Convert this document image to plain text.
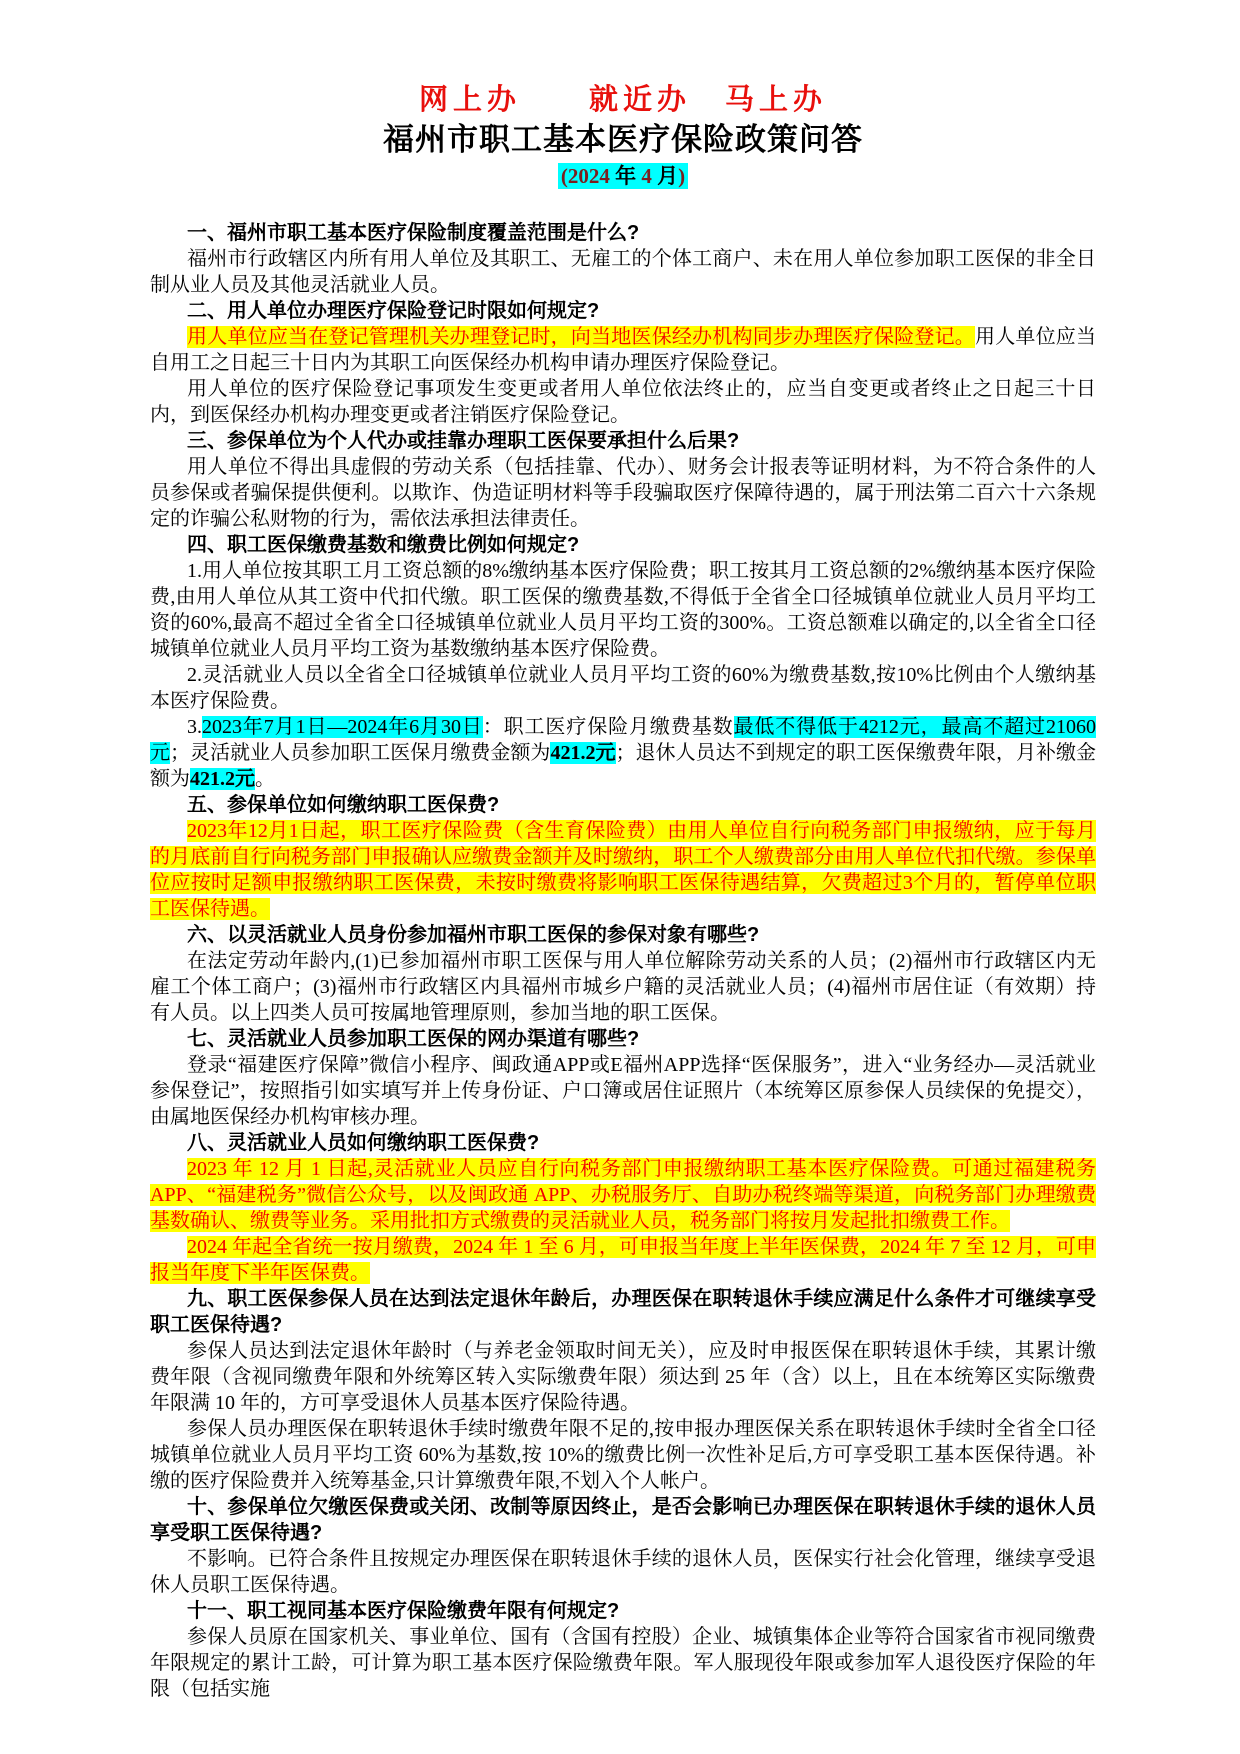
网上办　　就近办　马上办
福州市职工基本医疗保险政策问答
(2024 年 4 月)
一、福州市职工基本医疗保险制度覆盖范围是什么?
福州市行政辖区内所有用人单位及其职工、无雇工的个体工商户、未在用人单位参加职工医保的非全日制从业人员及其他灵活就业人员。
二、用人单位办理医疗保险登记时限如何规定?
用人单位应当在登记管理机关办理登记时，向当地医保经办机构同步办理医疗保险登记。用人单位应当自用工之日起三十日内为其职工向医保经办机构申请办理医疗保险登记。
用人单位的医疗保险登记事项发生变更或者用人单位依法终止的，应当自变更或者终止之日起三十日内，到医保经办机构办理变更或者注销医疗保险登记。
三、参保单位为个人代办或挂靠办理职工医保要承担什么后果?
用人单位不得出具虚假的劳动关系（包括挂靠、代办）、财务会计报表等证明材料，为不符合条件的人员参保或者骗保提供便利。以欺诈、伪造证明材料等手段骗取医疗保障待遇的，属于刑法第二百六十六条规定的诈骗公私财物的行为，需依法承担法律责任。
四、职工医保缴费基数和缴费比例如何规定?
1.用人单位按其职工月工资总额的8%缴纳基本医疗保险费；职工按其月工资总额的2%缴纳基本医疗保险费,由用人单位从其工资中代扣代缴。职工医保的缴费基数,不得低于全省全口径城镇单位就业人员月平均工资的60%,最高不超过全省全口径城镇单位就业人员月平均工资的300%。工资总额难以确定的,以全省全口径城镇单位就业人员月平均工资为基数缴纳基本医疗保险费。
2.灵活就业人员以全省全口径城镇单位就业人员月平均工资的60%为缴费基数,按10%比例由个人缴纳基本医疗保险费。
3.2023年7月1日—2024年6月30日：职工医疗保险月缴费基数最低不得低于4212元，最高不超过21060元；灵活就业人员参加职工医保月缴费金额为421.2元；退休人员达不到规定的职工医保缴费年限，月补缴金额为421.2元。
五、参保单位如何缴纳职工医保费?
2023年12月1日起，职工医疗保险费（含生育保险费）由用人单位自行向税务部门申报缴纳，应于每月的月底前自行向税务部门申报确认应缴费金额并及时缴纳，职工个人缴费部分由用人单位代扣代缴。参保单位应按时足额申报缴纳职工医保费，未按时缴费将影响职工医保待遇结算，欠费超过3个月的，暂停单位职工医保待遇。
六、以灵活就业人员身份参加福州市职工医保的参保对象有哪些?
在法定劳动年龄内,(1)已参加福州市职工医保与用人单位解除劳动关系的人员；(2)福州市行政辖区内无雇工个体工商户；(3)福州市行政辖区内具福州市城乡户籍的灵活就业人员；(4)福州市居住证（有效期）持有人员。以上四类人员可按属地管理原则，参加当地的职工医保。
七、灵活就业人员参加职工医保的网办渠道有哪些?
登录“福建医疗保障”微信小程序、闽政通APP或E福州APP选择“医保服务”，进入“业务经办—灵活就业参保登记”，按照指引如实填写并上传身份证、户口簿或居住证照片（本统筹区原参保人员续保的免提交），由属地医保经办机构审核办理。
八、灵活就业人员如何缴纳职工医保费?
2023 年 12 月 1 日起,灵活就业人员应自行向税务部门申报缴纳职工基本医疗保险费。可通过福建税务 APP、“福建税务”微信公众号，以及闽政通 APP、办税服务厅、自助办税终端等渠道，向税务部门办理缴费基数确认、缴费等业务。采用批扣方式缴费的灵活就业人员，税务部门将按月发起批扣缴费工作。
2024 年起全省统一按月缴费，2024 年 1 至 6 月，可申报当年度上半年医保费，2024 年 7 至 12 月，可申报当年度下半年医保费。
九、职工医保参保人员在达到法定退休年龄后，办理医保在职转退休手续应满足什么条件才可继续享受职工医保待遇?
参保人员达到法定退休年龄时（与养老金领取时间无关），应及时申报医保在职转退休手续，其累计缴费年限（含视同缴费年限和外统筹区转入实际缴费年限）须达到 25 年（含）以上，且在本统筹区实际缴费年限满 10 年的，方可享受退休人员基本医疗保险待遇。
参保人员办理医保在职转退休手续时缴费年限不足的,按申报办理医保关系在职转退休手续时全省全口径城镇单位就业人员月平均工资 60%为基数,按 10%的缴费比例一次性补足后,方可享受职工基本医保待遇。补缴的医疗保险费并入统筹基金,只计算缴费年限,不划入个人帐户。
十、参保单位欠缴医保费或关闭、改制等原因终止，是否会影响已办理医保在职转退休手续的退休人员享受职工医保待遇?
不影响。已符合条件且按规定办理医保在职转退休手续的退休人员，医保实行社会化管理，继续享受退休人员职工医保待遇。
十一、职工视同基本医疗保险缴费年限有何规定?
参保人员原在国家机关、事业单位、国有（含国有控股）企业、城镇集体企业等符合国家省市视同缴费年限规定的累计工龄，可计算为职工基本医疗保险缴费年限。军人服现役年限或参加军人退役医疗保险的年限（包括实施
